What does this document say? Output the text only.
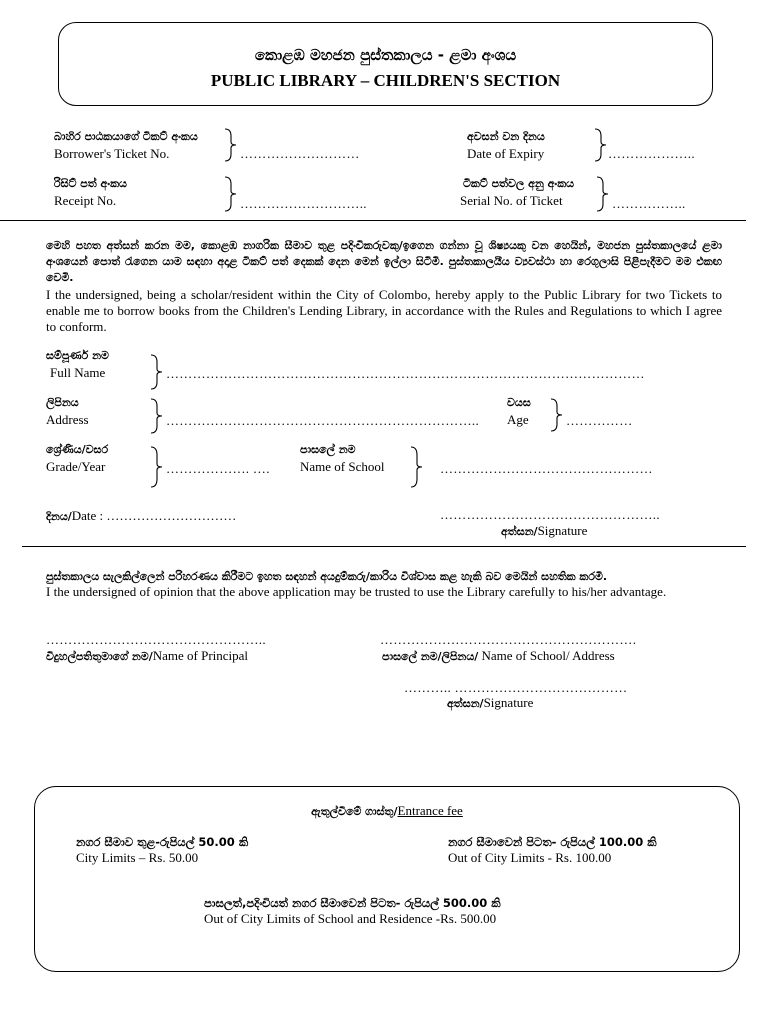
කොළඹ මහජන පුස්තකාලය - ළමා අංශය
PUBLIC LIBRARY – CHILDREN'S SECTION
බාහිර පාඨකයාගේ ටිකට් අංකය
Borrower's Ticket No.	………………………
අවසන් වන දිනය
Date of Expiry	………………..
රිසිට් පත් අංකය
Receipt No.	………………………..
ටිකට් පත්වල අනු අංකය
Serial No. of Ticket	……………..
මෙහි පහත අත්සන් කරන මම, කොළඹ නාගරික සීමාව තුළ පදිංචිකරුවකු/ඉගෙන ගන්නා වූ ශිෂ්‍යයකු වන හෙයින්, මහජන පුස්තකාලයේ ළමා අංශයෙන් පොත් රැගෙන යාම සඳහා අදාළ ටිකට් පත් දෙකක් දෙන මෙන් ඉල්ලා සිටිමි. පුස්තකාලයීය ව්‍යවස්ථා හා රෙගුලාසි පිළිපැදීමට මම එකඟ වෙමි.
I the undersigned, being a scholar/resident within the City of Colombo, hereby apply to the Public Library for two Tickets to enable me to borrow books from the Children's Lending Library, in accordance with the Rules and Regulations to which I agree to conform.
සම්පූර්ණ නම
Full Name	………………………………………………………………………………………………
ලිපිනය
Address	……………………………………………………………..
වයස
Age	……………
ශ්‍රේණිය/වසර
Grade/Year	………………. ….
පාසලේ නම
Name of School	…………………………………………
දිනය/Date : …………………………	…………………………………………..
අත්සන/Signature
පුස්තකාලය සැලකිල්ලෙන් පරිහරණය කිරීමට ඉහත සඳහන් අයදුම්කරු/කාරිය විශ්වාස කළ හැකි බව මෙයින් සහතික කරමි.
I the undersigned of opinion that the above application may be trusted to use the Library carefully to his/her advantage.
…………………………………………..
විදුහල්පතිතුමාගේ නම/Name of Principal
………………………………………………….
පාසලේ නම/ලිපිනය/ Name of School/ Address
……….. …………………………………
අත්සන/Signature
ඇතුල්වීමේ ගාස්තු/Entrance fee
නගර සීමාව තුළ-රුපියල් 50.00 කි
City Limits – Rs. 50.00
නගර සීමාවෙන් පිටත- රුපියල් 100.00 කි
Out of City Limits - Rs. 100.00
පාසලත්,පදිංචියත් නගර සීමාවෙන් පිටත- රුපියල් 500.00 කි
Out of City Limits of School and Residence -Rs. 500.00
